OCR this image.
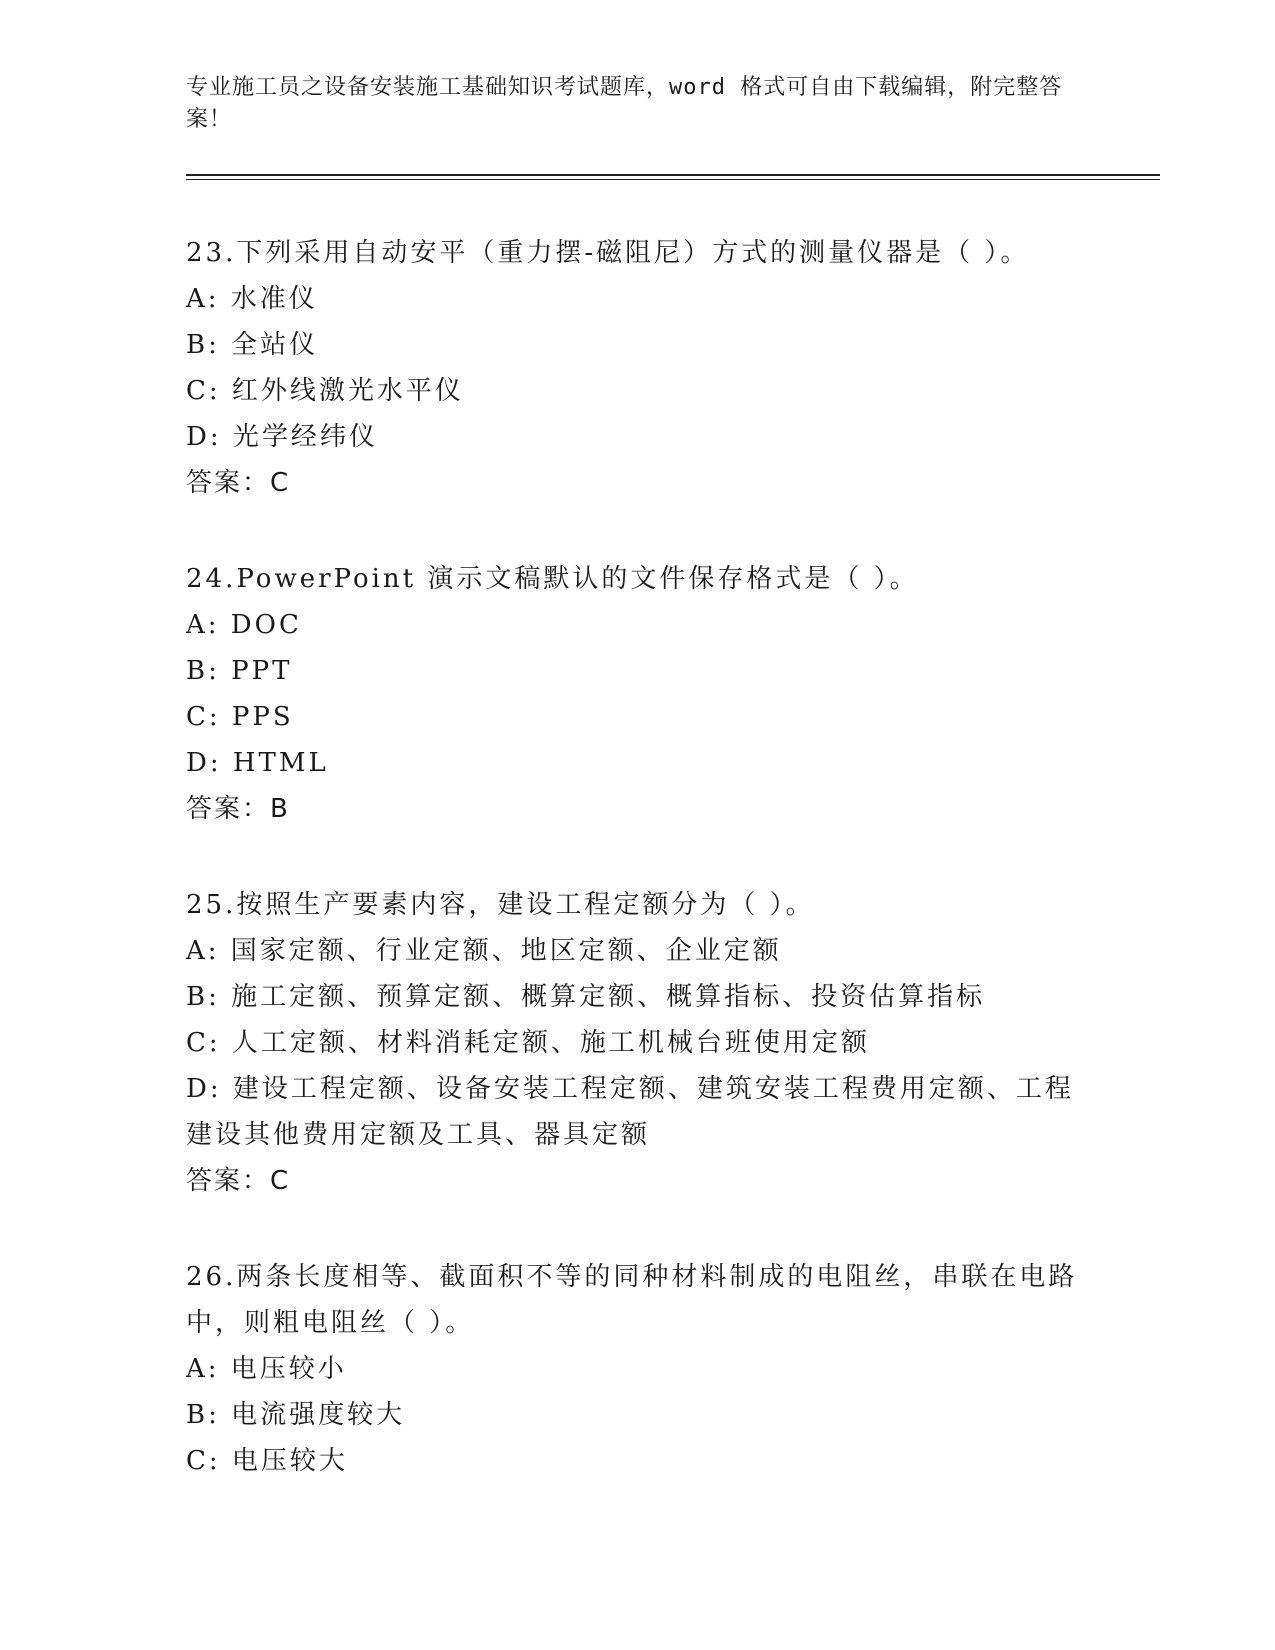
专业施工员之设备安装施工基础知识考试题库，word 格式可自由下载编辑，附完整答案！

23.下列采用自动安平（重力摆-磁阻尼）方式的测量仪器是（ ）。

A: 水准仪

B: 全站仪

C: 红外线激光水平仪

D: 光学经纬仪

答案：C

24.PowerPoint 演示文稿默认的文件保存格式是（ ）。

A: DOC

B: PPT

C: PPS

D: HTML

答案：B

25.按照生产要素内容，建设工程定额分为（ ）。

A: 国家定额、行业定额、地区定额、企业定额

B: 施工定额、预算定额、概算定额、概算指标、投资估算指标

C: 人工定额、材料消耗定额、施工机械台班使用定额

D: 建设工程定额、设备安装工程定额、建筑安装工程费用定额、工程建设其他费用定额及工具、器具定额

答案：C

26.两条长度相等、截面积不等的同种材料制成的电阻丝，串联在电路中，则粗电阻丝（ ）。

A: 电压较小

B: 电流强度较大

C: 电压较大
